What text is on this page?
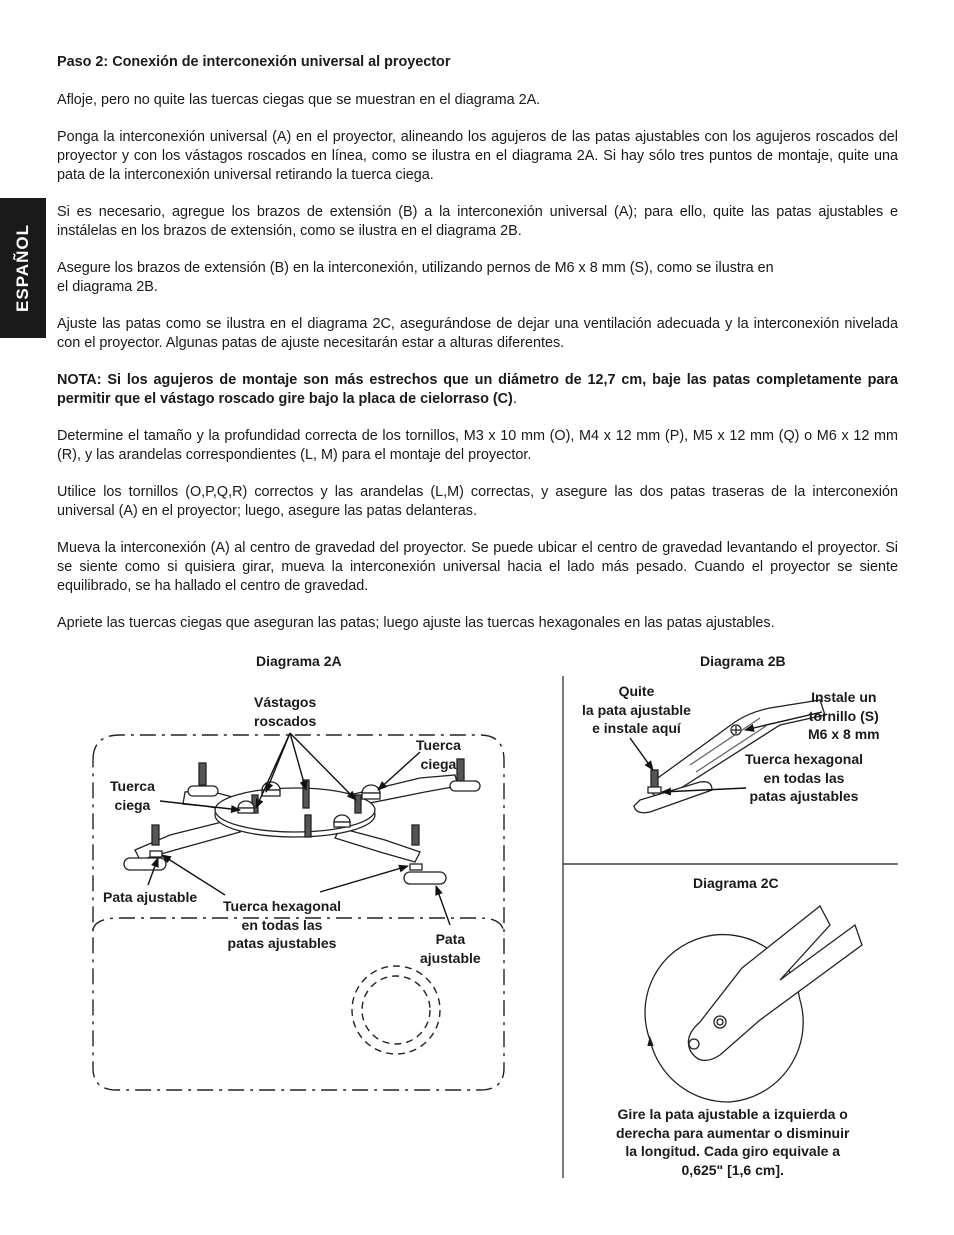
ESPAÑOL
Paso 2: Conexión de interconexión universal al proyector
Afloje, pero no quite las tuercas ciegas que se muestran en el diagrama 2A.
Ponga la interconexión universal (A) en el proyector, alineando los agujeros de las patas ajustables con los agujeros roscados del proyector y con los vástagos roscados en línea, como se ilustra en el diagrama 2A. Si hay sólo tres puntos de montaje, quite una pata de la interconexión universal retirando la tuerca ciega.
Si es necesario, agregue los brazos de extensión (B) a la interconexión universal (A); para ello, quite las patas ajustables e instálelas en los brazos de extensión, como se ilustra en el diagrama 2B.
Asegure los brazos de extensión (B) en la interconexión, utilizando pernos de M6 x 8 mm (S), como se ilustra en
el diagrama 2B.
Ajuste las patas como se ilustra en el diagrama 2C, asegurándose de dejar una ventilación adecuada y la interconexión nivelada con el proyector. Algunas patas de ajuste necesitarán estar a alturas diferentes.
NOTA: Si los agujeros de montaje son más estrechos que un diámetro de 12,7 cm, baje las patas completamente para permitir que el vástago roscado gire bajo la placa de cielorraso (C).
Determine el tamaño y la profundidad correcta de los tornillos, M3 x 10 mm (O), M4 x 12 mm (P), M5 x 12 mm (Q) o M6 x 12 mm (R), y las arandelas correspondientes (L, M) para el montaje del proyector.
Utilice los tornillos (O,P,Q,R) correctos y las arandelas (L,M) correctas, y asegure las dos patas traseras de la interconexión universal (A) en el proyector; luego, asegure las patas delanteras.
Mueva la interconexión (A) al centro de gravedad del proyector. Se puede ubicar el centro de gravedad levantando el proyector. Si se siente como si quisiera girar, mueva la interconexión universal hacia el lado más pesado. Cuando el proyector se siente equilibrado, se ha hallado el centro de gravedad.
Apriete las tuercas ciegas que aseguran las patas; luego ajuste las tuercas hexagonales en las patas ajustables.
Diagrama 2A	Diagrama 2B
Diagrama 2C
Vástagos
roscados
Tuerca
ciega
Tuerca
ciega
Pata ajustable
Tuerca hexagonal
en todas las
patas ajustables	Pata
ajustable
Quite
la pata ajustable
e instale aquí
Instale un
tornillo (S)
M6 x 8 mm
Tuerca hexagonal
en todas las
patas ajustables
Gire la pata ajustable a izquierda o
derecha para aumentar o disminuir
la longitud. Cada giro equivale a
0,625" [1,6 cm].
